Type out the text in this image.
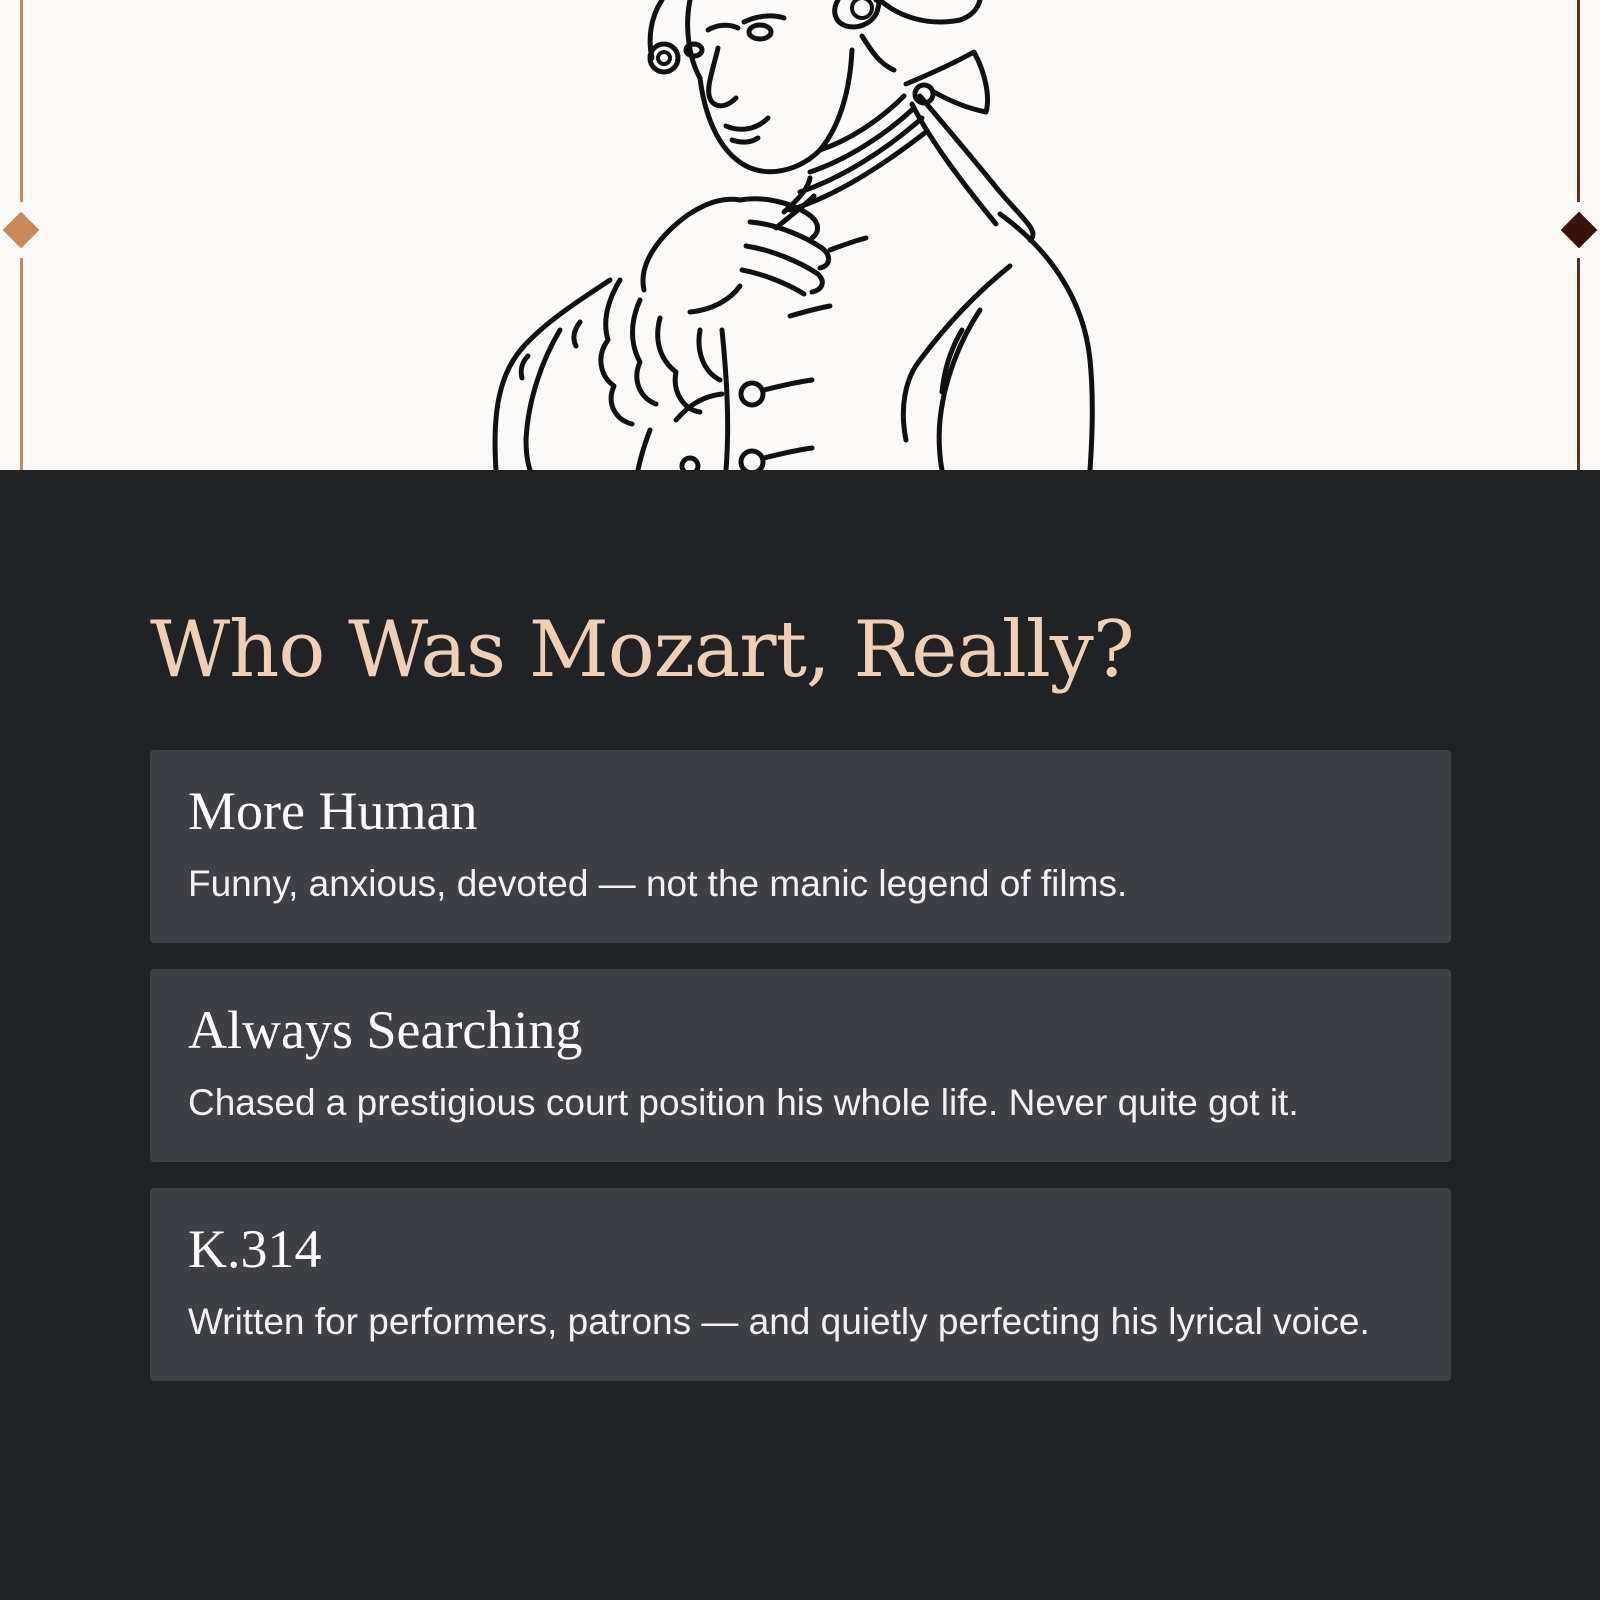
Who Was Mozart, Really?
More Human

Funny, anxious, devoted — not the manic legend of films.

Always Searching

Chased a prestigious court position his whole life. Never quite got it.

K.314

Written for performers, patrons — and quietly perfecting his lyrical voice.
